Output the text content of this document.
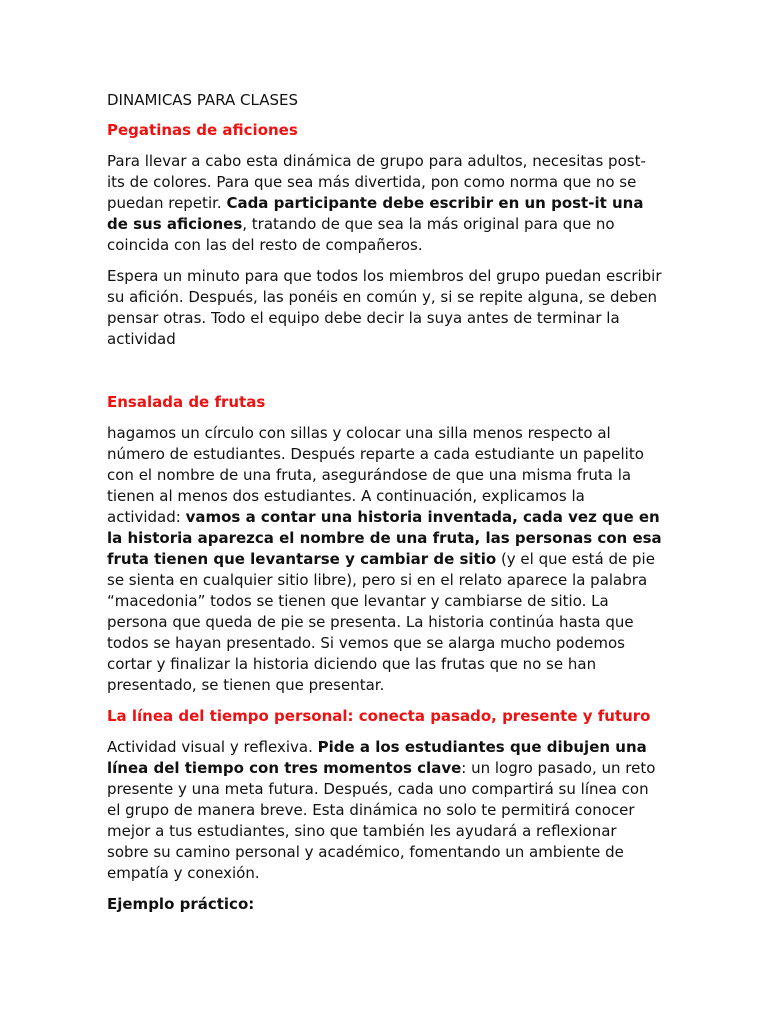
DINAMICAS PARA CLASES
Pegatinas de aficiones

Para llevar a cabo esta dinámica de grupo para adultos, necesitas post-its de colores. Para que sea más divertida, pon como norma que no se puedan repetir. Cada participante debe escribir en un post-it una de sus aficiones, tratando de que sea la más original para que no coincida con las del resto de compañeros.

Espera un minuto para que todos los miembros del grupo puedan escribir su afición. Después, las ponéis en común y, si se repite alguna, se deben pensar otras. Todo el equipo debe decir la suya antes de terminar la actividad

Ensalada de frutas

hagamos un círculo con sillas y colocar una silla menos respecto al número de estudiantes. Después reparte a cada estudiante un papelito con el nombre de una fruta, asegurándose de que una misma fruta la tienen al menos dos estudiantes. A continuación, explicamos la actividad: vamos a contar una historia inventada, cada vez que en la historia aparezca el nombre de una fruta, las personas con esa fruta tienen que levantarse y cambiar de sitio (y el que está de pie se sienta en cualquier sitio libre), pero si en el relato aparece la palabra “macedonia” todos se tienen que levantar y cambiarse de sitio. La persona que queda de pie se presenta. La historia continúa hasta que todos se hayan presentado. Si vemos que se alarga mucho podemos cortar y finalizar la historia diciendo que las frutas que no se han presentado, se tienen que presentar.

La línea del tiempo personal: conecta pasado, presente y futuro

Actividad visual y reflexiva. Pide a los estudiantes que dibujen una línea del tiempo con tres momentos clave: un logro pasado, un reto presente y una meta futura. Después, cada uno compartirá su línea con el grupo de manera breve. Esta dinámica no solo te permitirá conocer mejor a tus estudiantes, sino que también les ayudará a reflexionar sobre su camino personal y académico, fomentando un ambiente de empatía y conexión.

Ejemplo práctico:
